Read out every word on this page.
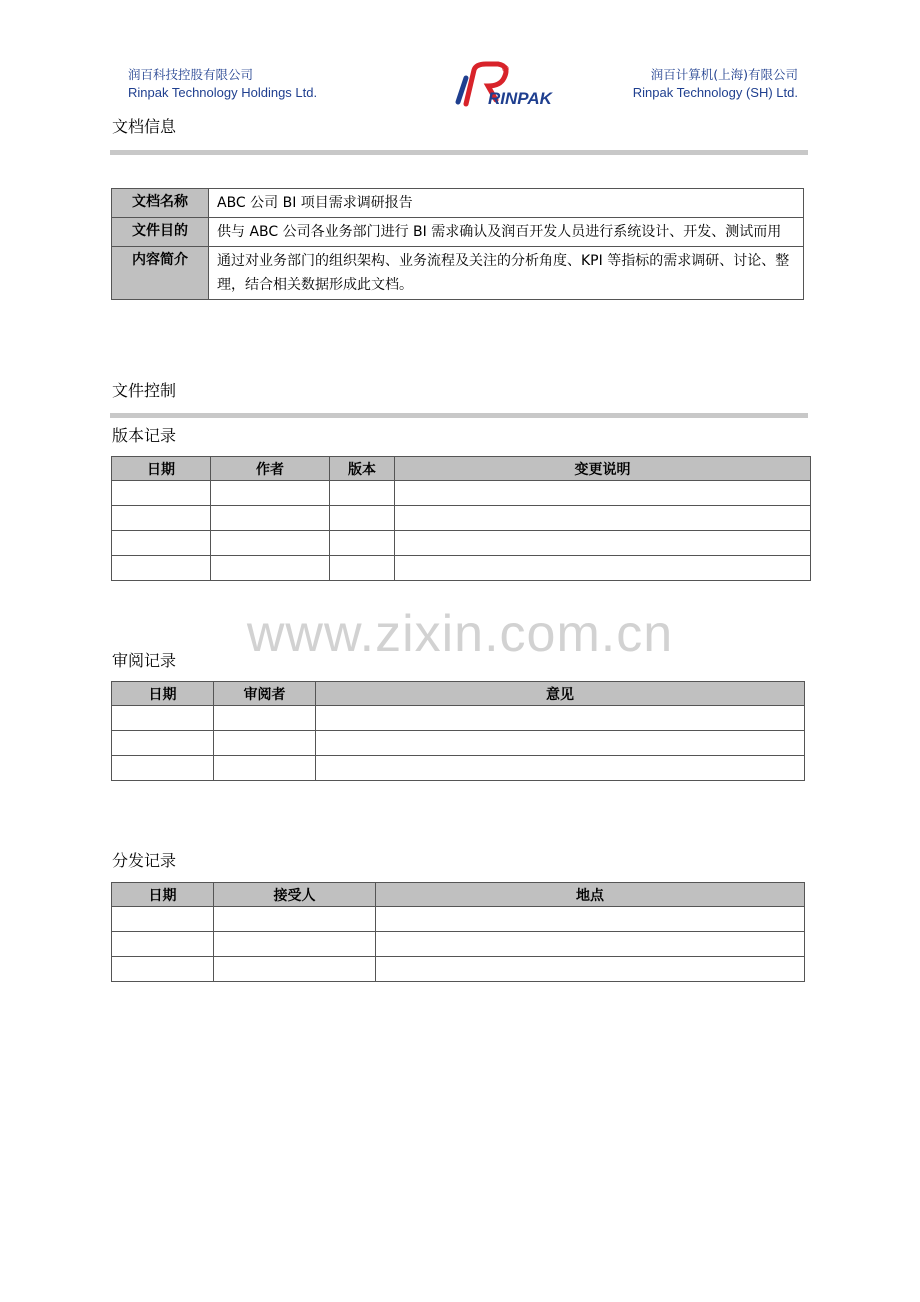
润百科技控股有限公司
Rinpak Technology Holdings Ltd.
®
RINPAK
润百计算机(上海)有限公司
Rinpak Technology (SH) Ltd.
文档信息
文档名称	ABC 公司 BI 项目需求调研报告
文件目的	供与 ABC 公司各业务部门进行 BI 需求确认及润百开发人员进行系统设计、开发、测试而用
内容简介	通过对业务部门的组织架构、业务流程及关注的分析角度、KPI 等指标的需求调研、讨论、整理，结合相关数据形成此文档。
文件控制
版本记录
日期	作者	版本	变更说明

www.zixin.com.cn
审阅记录
日期	审阅者	意见

分发记录
日期	接受人	地点
